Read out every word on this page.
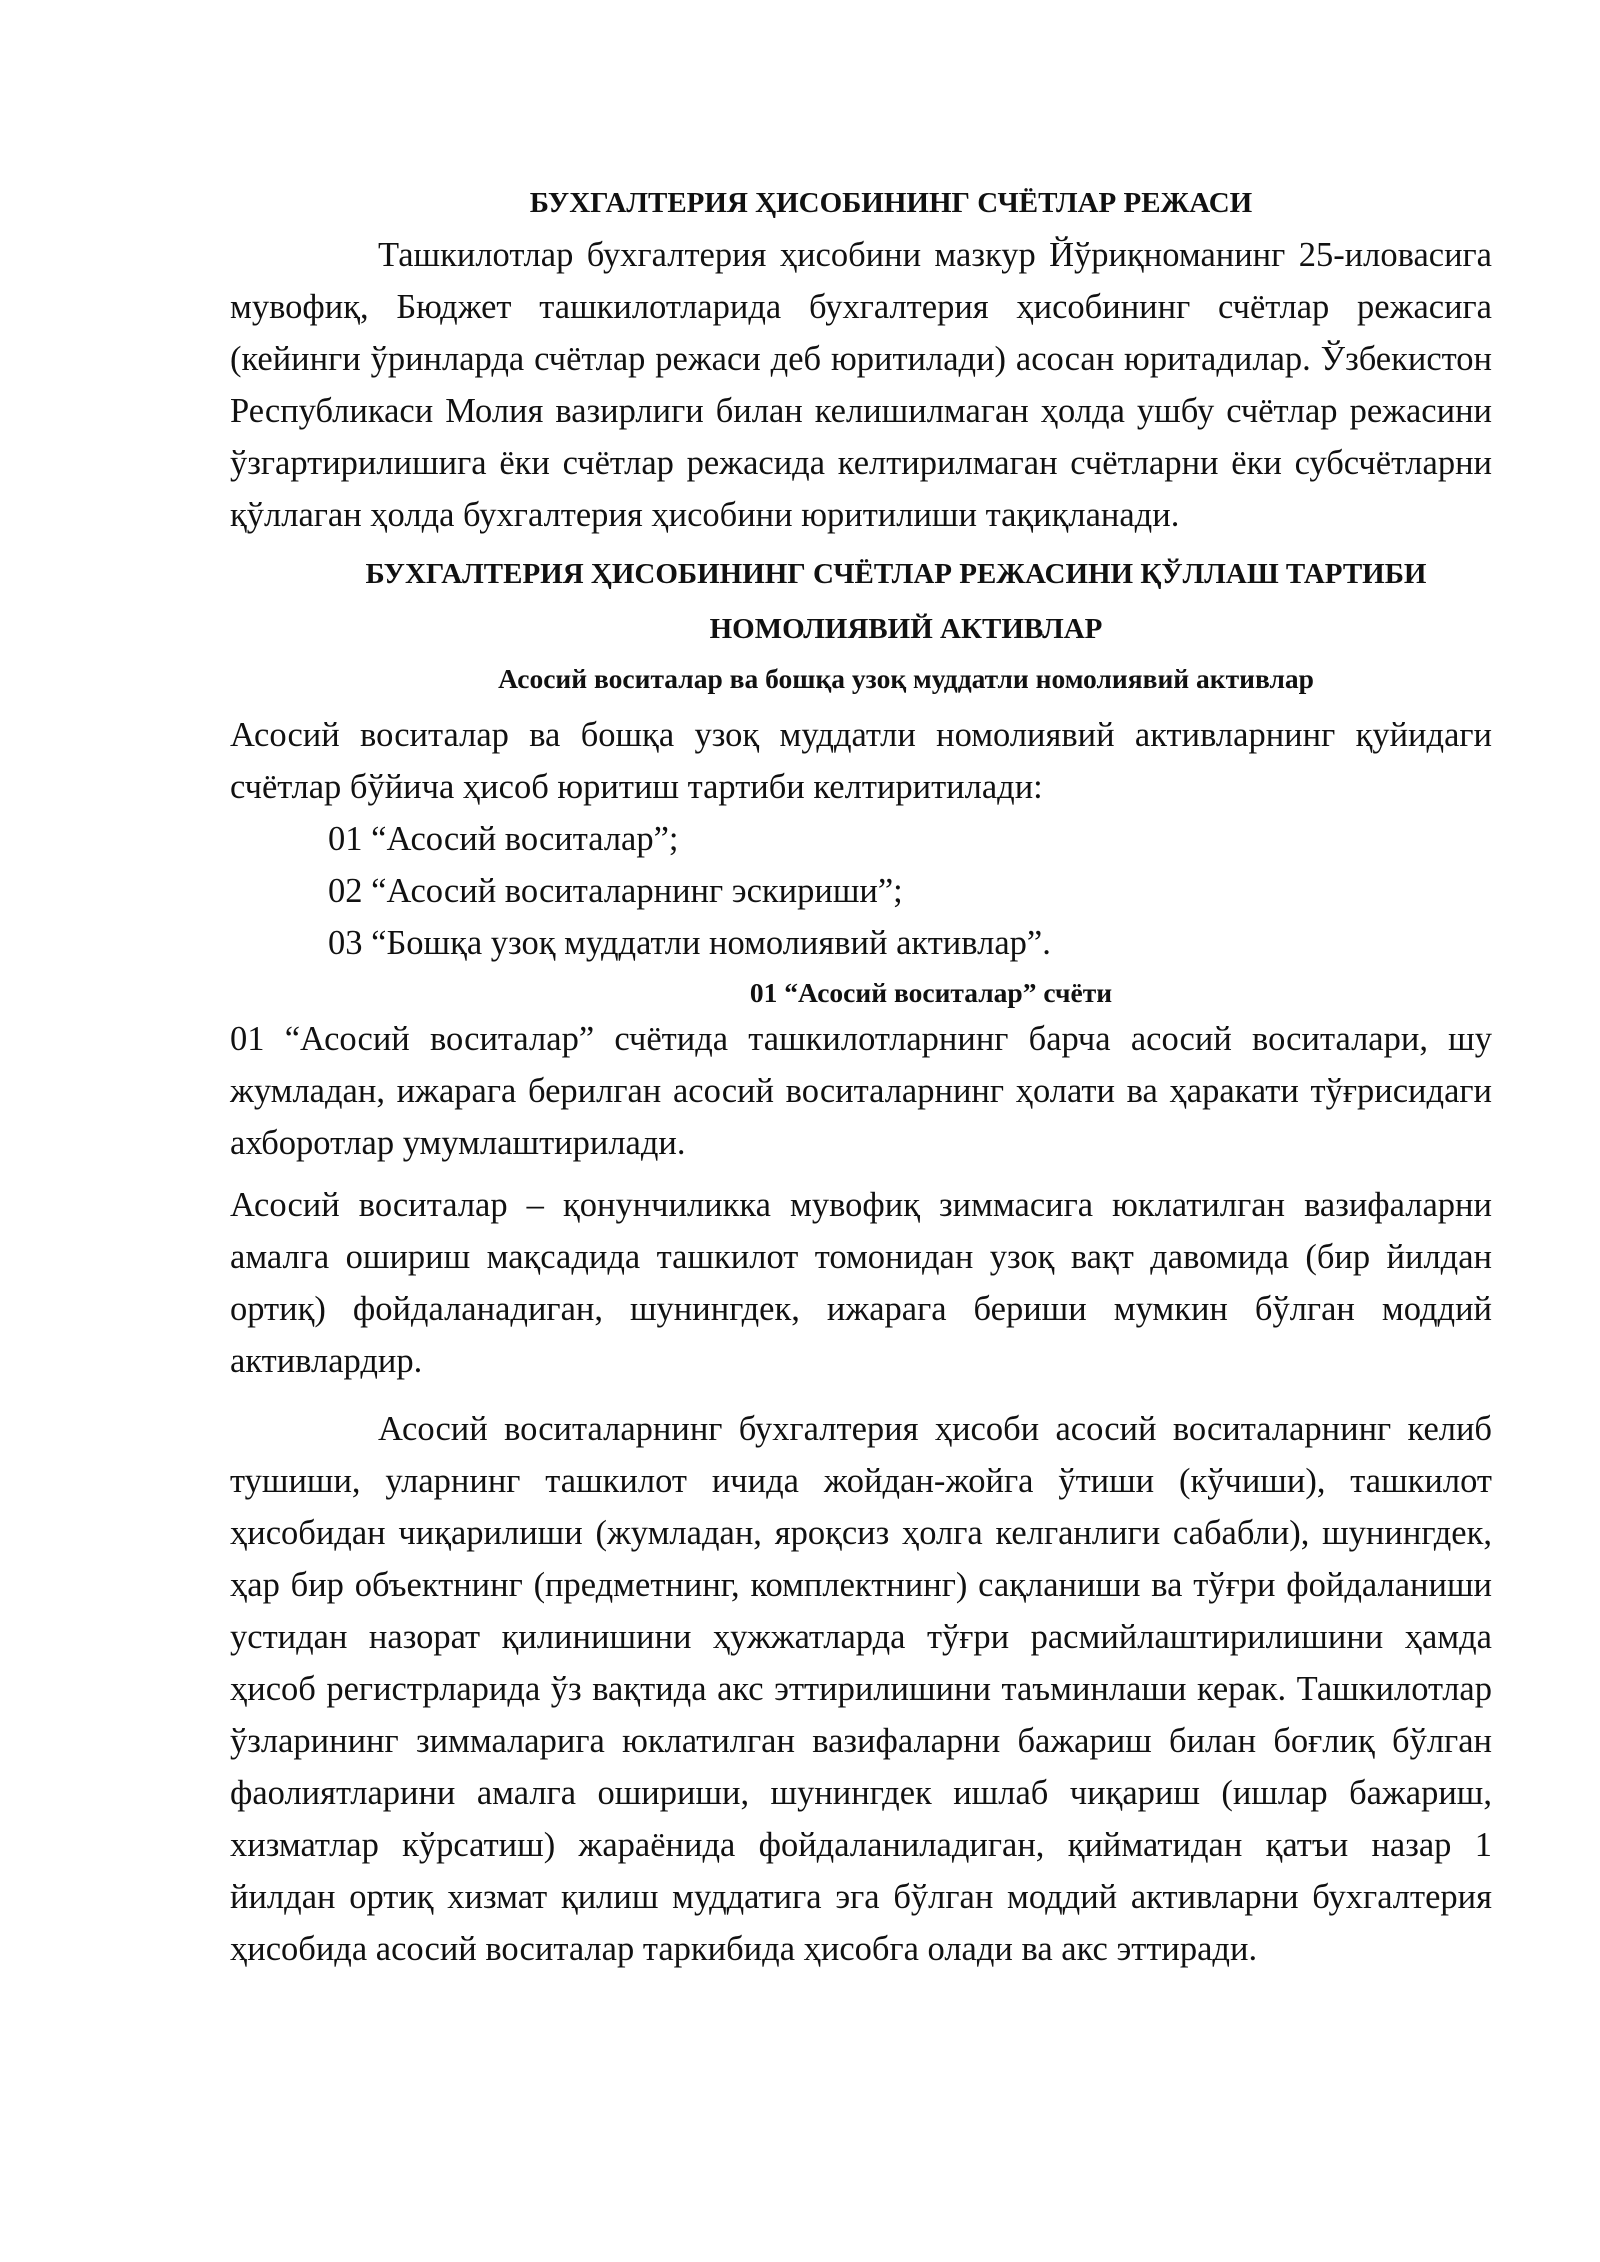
БУХГАЛТЕРИЯ ҲИСОБИНИНГ СЧЁТЛАР РЕЖАСИ

Ташкилотлар бухгалтерия ҳисобини мазкур Йўриқноманинг 25-иловасига мувофиқ, Бюджет ташкилотларида бухгалтерия ҳисобининг счётлар режасига (кейинги ўринларда счётлар режаси деб юритилади) асосан юритадилар. Ўзбекистон Республикаси Молия вазирлиги билан келишилмаган ҳолда ушбу счётлар режасини ўзгартирилишига ёки счётлар режасида келтирилмаган счётларни ёки субсчётларни қўллаган ҳолда бухгалтерия ҳисобини юритилиши тақиқланади.

БУХГАЛТЕРИЯ ҲИСОБИНИНГ СЧЁТЛАР РЕЖАСИНИ ҚЎЛЛАШ ТАРТИБИ
НОМОЛИЯВИЙ АКТИВЛАР
Асосий воситалар ва бошқа узоқ муддатли номолиявий активлар

Асосий воситалар ва бошқа узоқ муддатли номолиявий активларнинг қуйидаги счётлар бўйича ҳисоб юритиш тартиби келтиритилади:

01 “Асосий воситалар”;

02 “Асосий воситаларнинг эскириши”;

03 “Бошқа узоқ муддатли номолиявий активлар”.

01 “Асосий воситалар” счёти

01 “Асосий воситалар” счётида ташкилотларнинг барча асосий воситалари, шу жумладан, ижарага берилган асосий воситаларнинг ҳолати ва ҳаракати тўғрисидаги ахборотлар умумлаштирилади.

Асосий воситалар – қонунчиликка мувофиқ зиммасига юклатилган вазифаларни амалга ошириш мақсадида ташкилот томонидан узоқ вақт давомида (бир йилдан ортиқ) фойдаланадиган, шунингдек, ижарага бериши мумкин бўлган моддий активлардир.

Асосий воситаларнинг бухгалтерия ҳисоби асосий воситаларнинг келиб тушиши, уларнинг ташкилот ичида жойдан-жойга ўтиши (кўчиши), ташкилот ҳисобидан чиқарилиши (жумладан, яроқсиз ҳолга келганлиги сабабли), шунингдек, ҳар бир объектнинг (предметнинг, комплектнинг) сақланиши ва тўғри фойдаланиши устидан назорат қилинишини ҳужжатларда тўғри расмийлаштирилишини ҳамда ҳисоб регистрларида ўз вақтида акс эттирилишини таъминлаши керак. Ташкилотлар ўзларининг зиммаларига юклатилган вазифаларни бажариш билан боғлиқ бўлган фаолиятларини амалга ошириши, шунингдек ишлаб чиқариш (ишлар бажариш, хизматлар кўрсатиш) жараёнида фойдаланиладиган, қийматидан қатъи назар 1 йилдан ортиқ хизмат қилиш муддатига эга бўлган моддий активларни бухгалтерия ҳисобида асосий воситалар таркибида ҳисобга олади ва акс эттиради.
